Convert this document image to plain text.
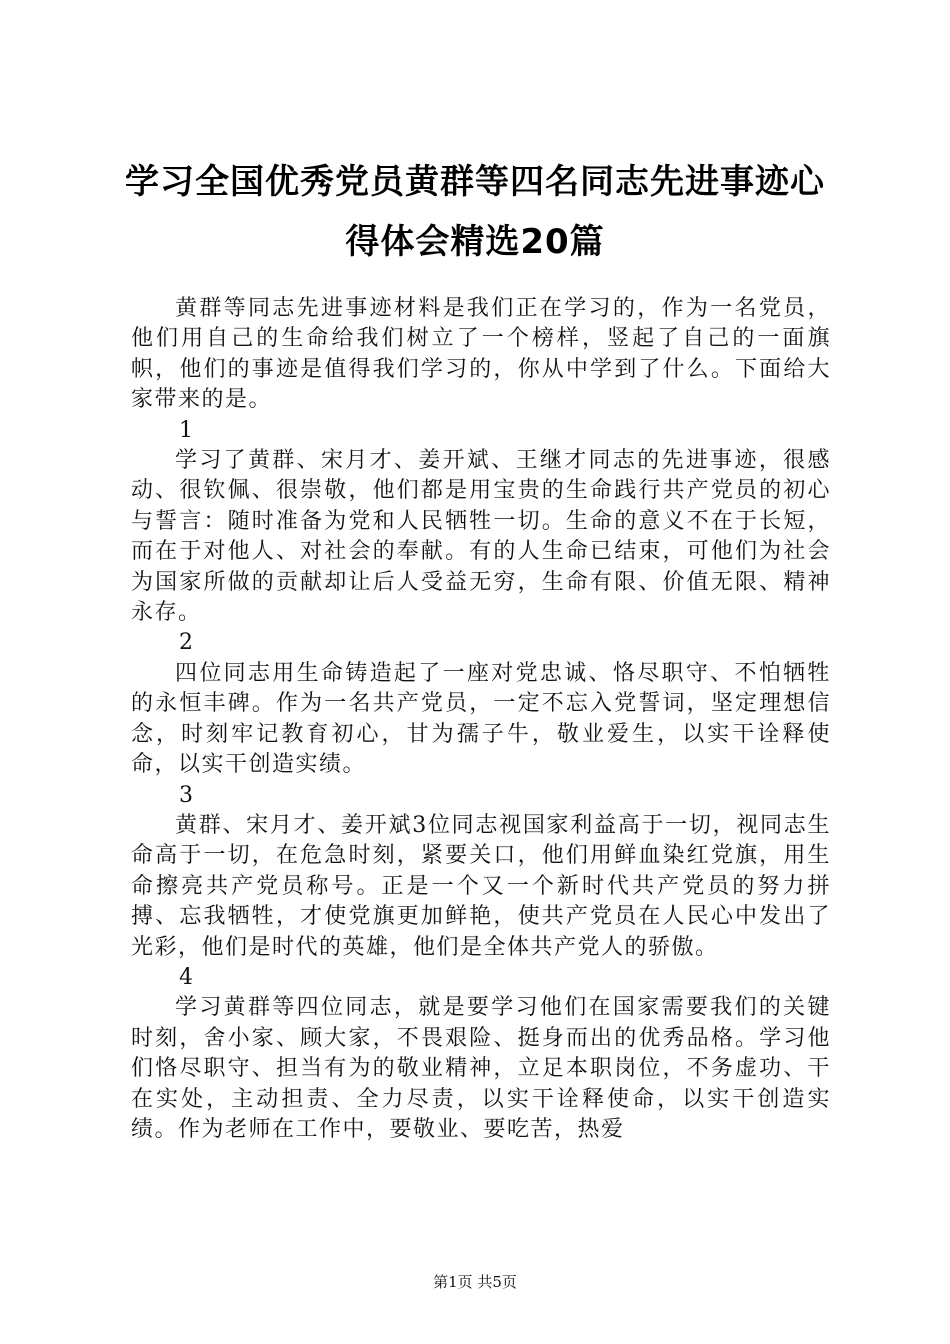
学习全国优秀党员黄群等四名同志先进事迹心
得体会精选20篇

黄群等同志先进事迹材料是我们正在学习的，作为一名党员，他们用自己的生命给我们树立了一个榜样，竖起了自己的一面旗帜，他们的事迹是值得我们学习的，你从中学到了什么。下面给大家带来的是。

1

学习了黄群、宋月才、姜开斌、王继才同志的先进事迹，很感动、很钦佩、很崇敬，他们都是用宝贵的生命践行共产党员的初心与誓言：随时准备为党和人民牺牲一切。生命的意义不在于长短，而在于对他人、对社会的奉献。有的人生命已结束，可他们为社会为国家所做的贡献却让后人受益无穷，生命有限、价值无限、精神永存。

2

四位同志用生命铸造起了一座对党忠诚、恪尽职守、不怕牺牲的永恒丰碑。作为一名共产党员，一定不忘入党誓词，坚定理想信念，时刻牢记教育初心，甘为孺子牛，敬业爱生，以实干诠释使命，以实干创造实绩。

3

黄群、宋月才、姜开斌3位同志视国家利益高于一切，视同志生命高于一切，在危急时刻，紧要关口，他们用鲜血染红党旗，用生命擦亮共产党员称号。正是一个又一个新时代共产党员的努力拼搏、忘我牺牲，才使党旗更加鲜艳，使共产党员在人民心中发出了光彩，他们是时代的英雄，他们是全体共产党人的骄傲。

4

学习黄群等四位同志，就是要学习他们在国家需要我们的关键时刻，舍小家、顾大家，不畏艰险、挺身而出的优秀品格。学习他们恪尽职守、担当有为的敬业精神，立足本职岗位，不务虚功、干在实处，主动担责、全力尽责，以实干诠释使命，以实干创造实绩。作为老师在工作中，要敬业、要吃苦，热爱

第1页 共5页
